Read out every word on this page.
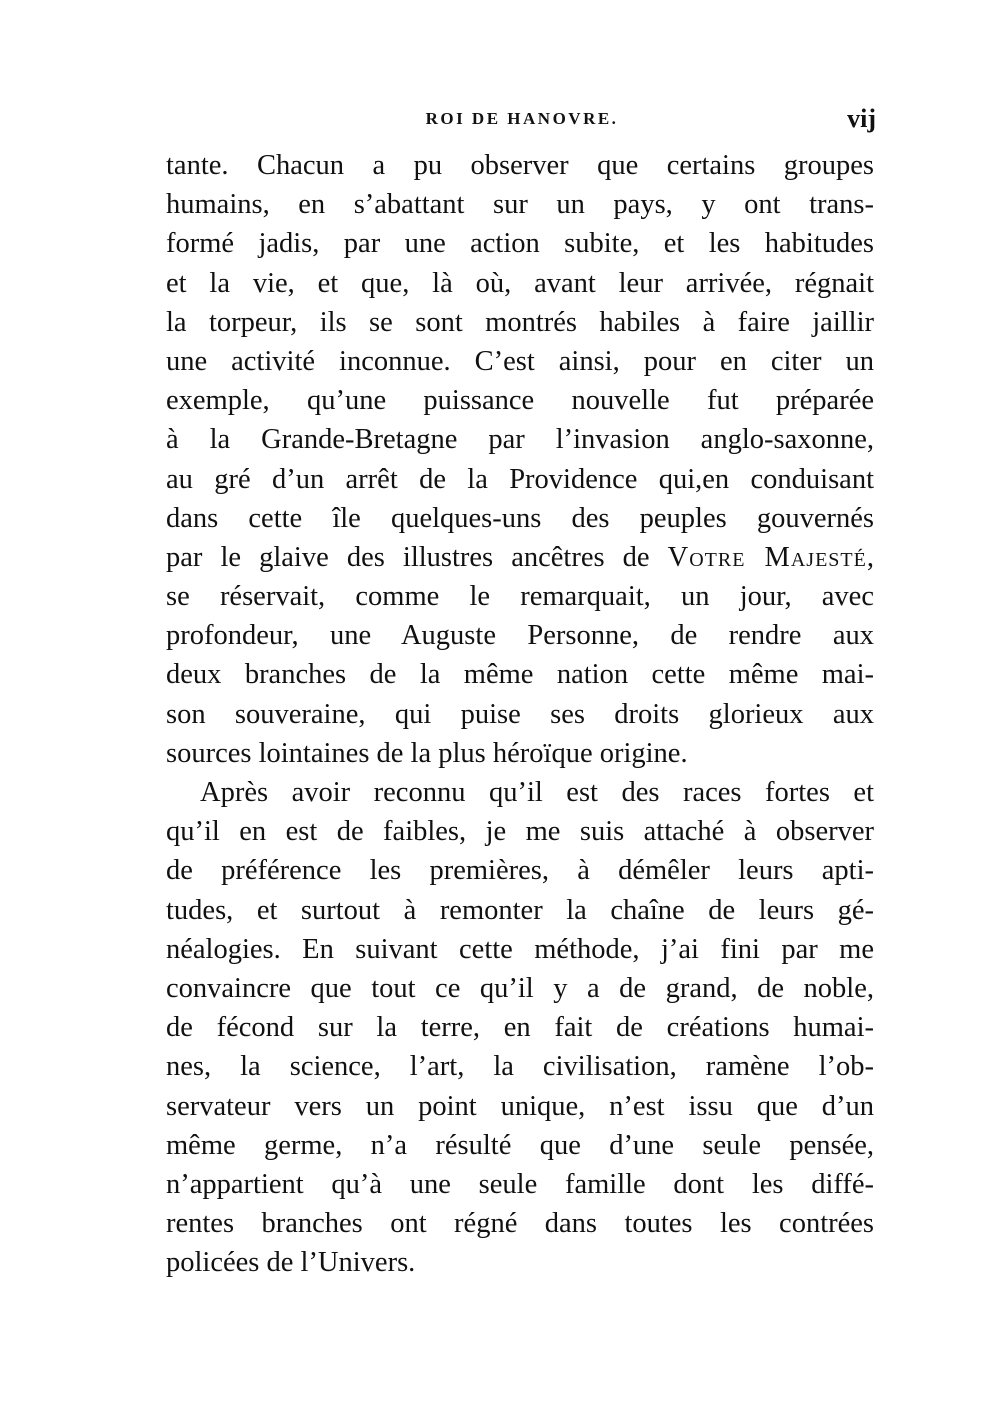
ROI DE HANOVRE.	vij
tante. Chacun a pu observer que certains groupes
humains, en s’abattant sur un pays, y ont trans-
formé jadis, par une action subite, et les habitudes
et la vie, et que, là où, avant leur arrivée, régnait
la torpeur, ils se sont montrés habiles à faire jaillir
une activité inconnue. C’est ainsi, pour en citer un
exemple, qu’une puissance nouvelle fut préparée
à la Grande-Bretagne par l’invasion anglo-saxonne,
au gré d’un arrêt de la Providence qui,en conduisant
dans cette île quelques-uns des peuples gouvernés
par le glaive des illustres ancêtres de Votre Majesté,
se réservait, comme le remarquait, un jour, avec
profondeur, une Auguste Personne, de rendre aux
deux branches de la même nation cette même mai-
son souveraine, qui puise ses droits glorieux aux
sources lointaines de la plus héroïque origine.
Après avoir reconnu qu’il est des races fortes et
qu’il en est de faibles, je me suis attaché à observer
de préférence les premières, à démêler leurs apti-
tudes, et surtout à remonter la chaîne de leurs gé-
néalogies. En suivant cette méthode, j’ai fini par me
convaincre que tout ce qu’il y a de grand, de noble,
de fécond sur la terre, en fait de créations humai-
nes, la science, l’art, la civilisation, ramène l’ob-
servateur vers un point unique, n’est issu que d’un
même germe, n’a résulté que d’une seule pensée,
n’appartient qu’à une seule famille dont les diffé-
rentes branches ont régné dans toutes les contrées
policées de l’Univers.
